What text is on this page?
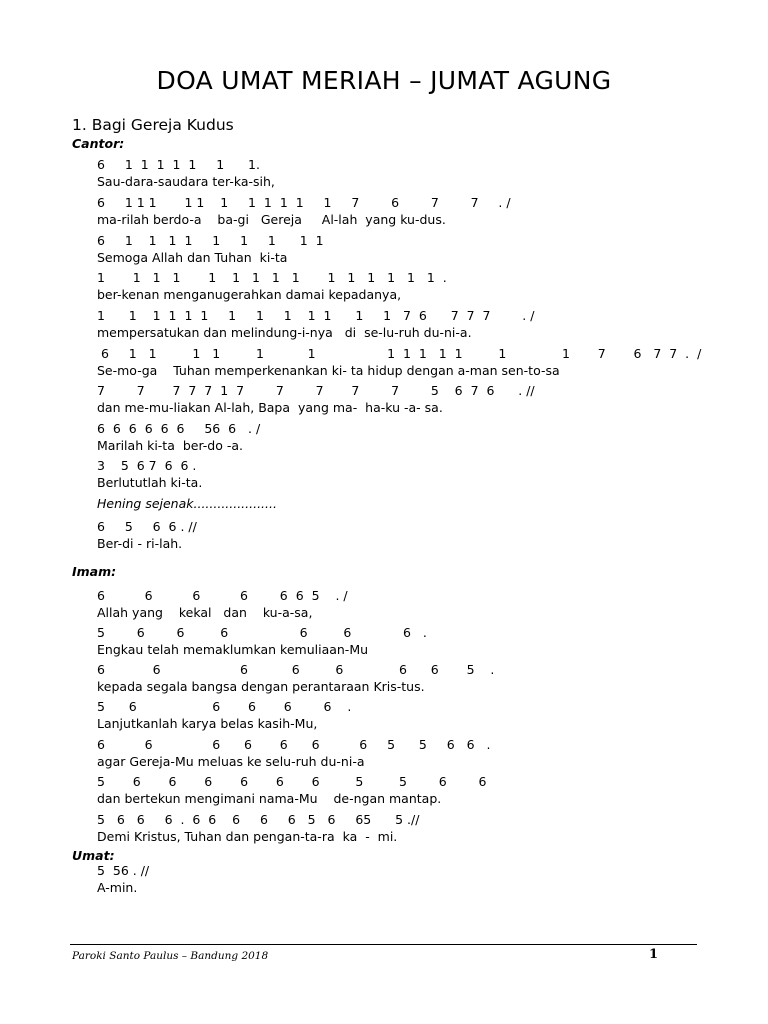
DOA UMAT MERIAH – JUMAT AGUNG
1. Bagi Gereja Kudus
Cantor:
6     1  1  1  1  1     1      1.
Sau-dara-saudara ter-ka-sih,
6     1 1 1       1 1    1     1  1  1  1     1     7        6        7        7     . /
ma-rilah berdo-a    ba-gi   Gereja     Al-lah  yang ku-dus.
6     1    1   1  1     1     1     1      1  1
Semoga Allah dan Tuhan  ki-ta
1       1   1   1       1    1   1   1   1       1   1   1   1   1   1  .
ber-kenan menganugerahkan damai kepadanya,
1      1    1  1  1  1     1     1     1    1  1      1     1   7  6      7  7  7        . /
mempersatukan dan melindung-i-nya   di  se-lu-ruh du-ni-a.
6     1   1         1   1         1           1                  1  1  1   1  1         1              1       7       6   7  7  .  /
Se-mo-ga    Tuhan memperkenankan ki- ta hidup dengan a-man sen-to-sa
7        7       7  7  7  1  7        7        7       7        7        5    6  7  6      . //
dan me-mu-liakan Al-lah, Bapa  yang ma-  ha-ku -a- sa.
6  6  6  6  6  6     56  6   . /
Marilah ki-ta  ber-do -a.
3    5  6 7  6  6 .
Berlututlah ki-ta.
Hening sejenak.....................
6     5     6  6 . //
Ber-di - ri-lah.
Imam:
6          6          6          6        6  6  5    . /
Allah yang    kekal   dan    ku-a-sa,
5        6        6         6                  6         6             6   .
Engkau telah memaklumkan kemuliaan-Mu
6            6                    6           6         6              6      6       5    .
kepada segala bangsa dengan perantaraan Kris-tus.
5      6                   6       6       6        6    .
Lanjutkanlah karya belas kasih-Mu,
6          6               6      6       6      6          6     5      5     6   6   .
agar Gereja-Mu meluas ke selu-ruh du-ni-a
5       6       6       6       6       6       6         5         5        6        6
dan bertekun mengimani nama-Mu    de-ngan mantap.
5   6   6     6  .  6  6    6     6     6   5   6     65      5 .//
Demi Kristus, Tuhan dan pengan-ta-ra  ka  -  mi.
Umat:
5  56 . //
A-min.
Paroki Santo Paulus – Bandung 2018	1
